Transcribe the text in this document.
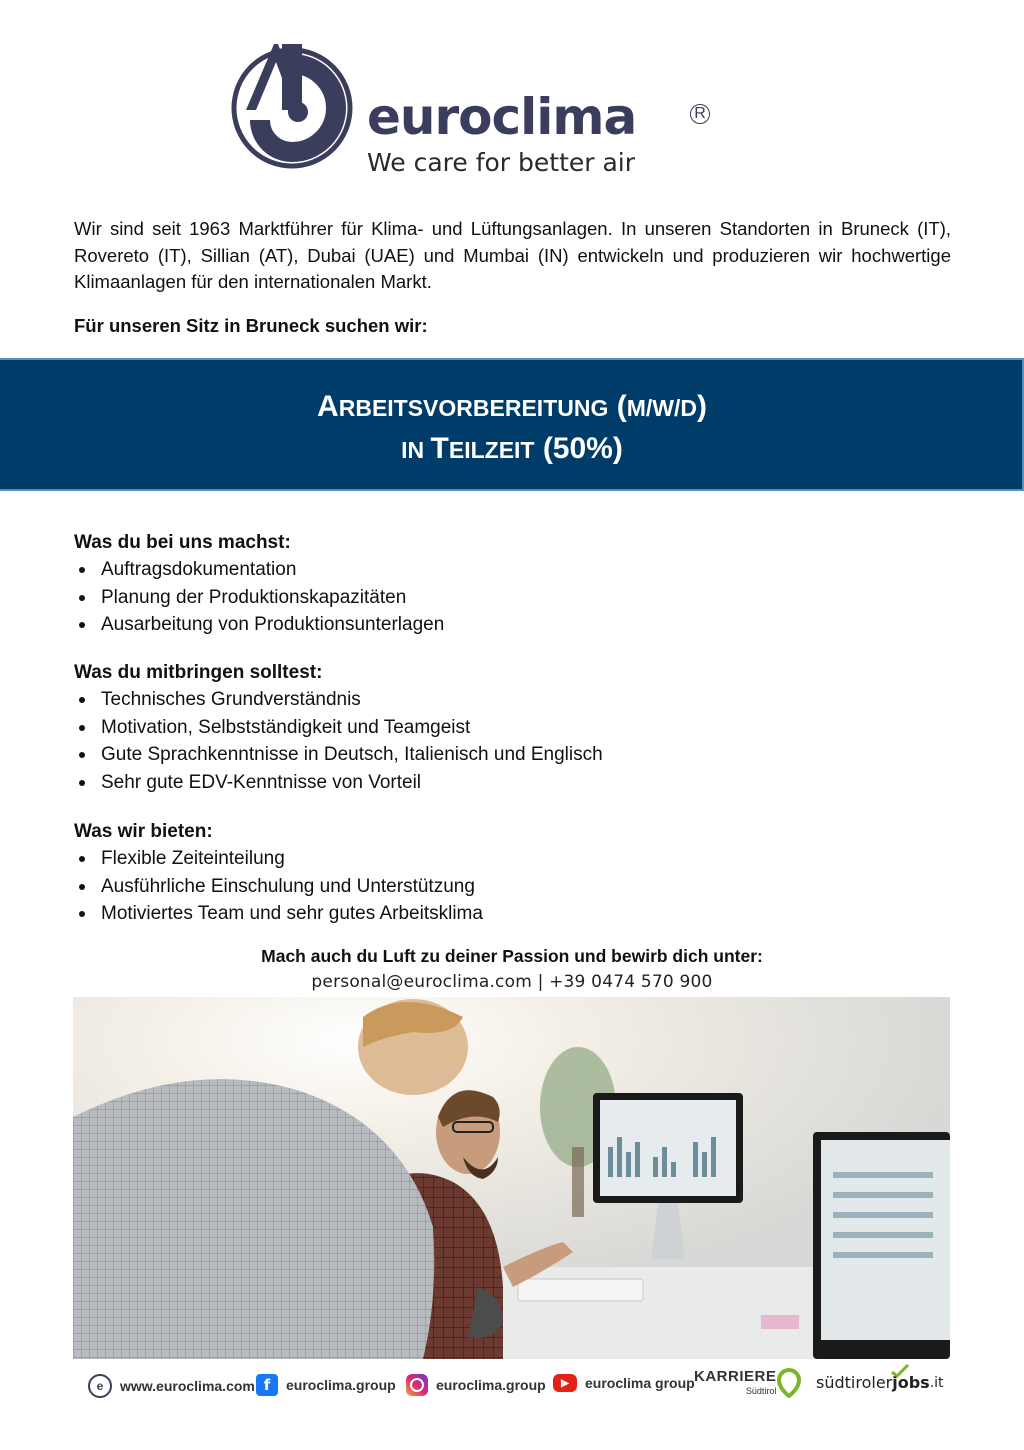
euroclima	R
We care for better air
Wir sind seit 1963 Marktführer für Klima- und Lüftungsanlagen. In unseren Standorten in Bruneck (IT), Rovereto (IT), Sillian (AT), Dubai (UAE) und Mumbai (IN) entwickeln und produzieren wir hochwertige Klimaanlagen für den internationalen Markt.
Für unseren Sitz in Bruneck suchen wir:
ARBEITSVORBEREITUNG (M/W/D)
IN TEILZEIT (50%)
Was du bei uns machst:
Auftragsdokumentation
Planung der Produktionskapazitäten
Ausarbeitung von Produktionsunterlagen
Was du mitbringen solltest:
Technisches Grundverständnis
Motivation, Selbstständigkeit und Teamgeist
Gute Sprachkenntnisse in Deutsch, Italienisch und Englisch
Sehr gute EDV-Kenntnisse von Vorteil
Was wir bieten:
Flexible Zeiteinteilung
Ausführliche Einschulung und Unterstützung
Motiviertes Team und sehr gutes Arbeitsklima
Mach auch du Luft zu deiner Passion und bewirb dich unter:
personal@euroclima.com | +39 0474 570 900
e	www.euroclima.com f	euroclima.group	euroclima.group	▶	euroclima group KARRIERE
Südtirol südtiroler jobs .it
